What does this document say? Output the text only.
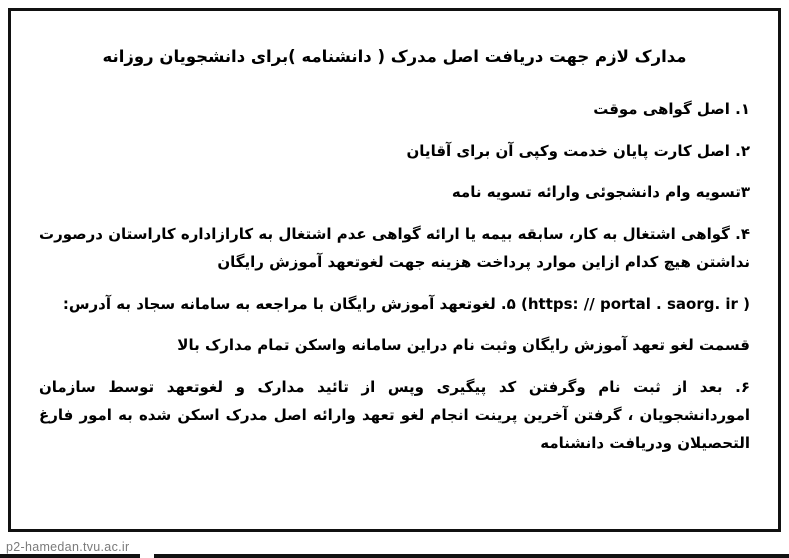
مدارک لازم جهت دریافت اصل مدرک ( دانشنامه )برای دانشجویان روزانه

۱. اصل گواهی موقت

۲. اصل کارت پایان خدمت وکپی آن برای آقایان

۳تسویه وام دانشجوئی وارائه تسویه نامه

۴. گواهی اشتغال به کار، سابقه بیمه یا ارائه گواهی عدم اشتغال به کارازاداره کاراستان درصورت نداشتن هیچ کدام ازاین موارد پرداخت هزینه جهت لغوتعهد آموزش رایگان

(https: // portal . saorg. ir ) ۵. لغوتعهد آموزش رایگان با مراجعه به سامانه سجاد به آدرس:

قسمت لغو تعهد آموزش رایگان وثبت نام دراین سامانه واسکن تمام مدارک بالا

۶. بعد از ثبت نام وگرفتن کد پیگیری وپس از تائید مدارک و لغوتعهد توسط سازمان اموردانشجویان ، گرفتن آخرین پرینت انجام لغو تعهد وارائه اصل مدرک اسکن شده به امور فارغ التحصیلان ودریافت دانشنامه

p2-hamedan.tvu.ac.ir
